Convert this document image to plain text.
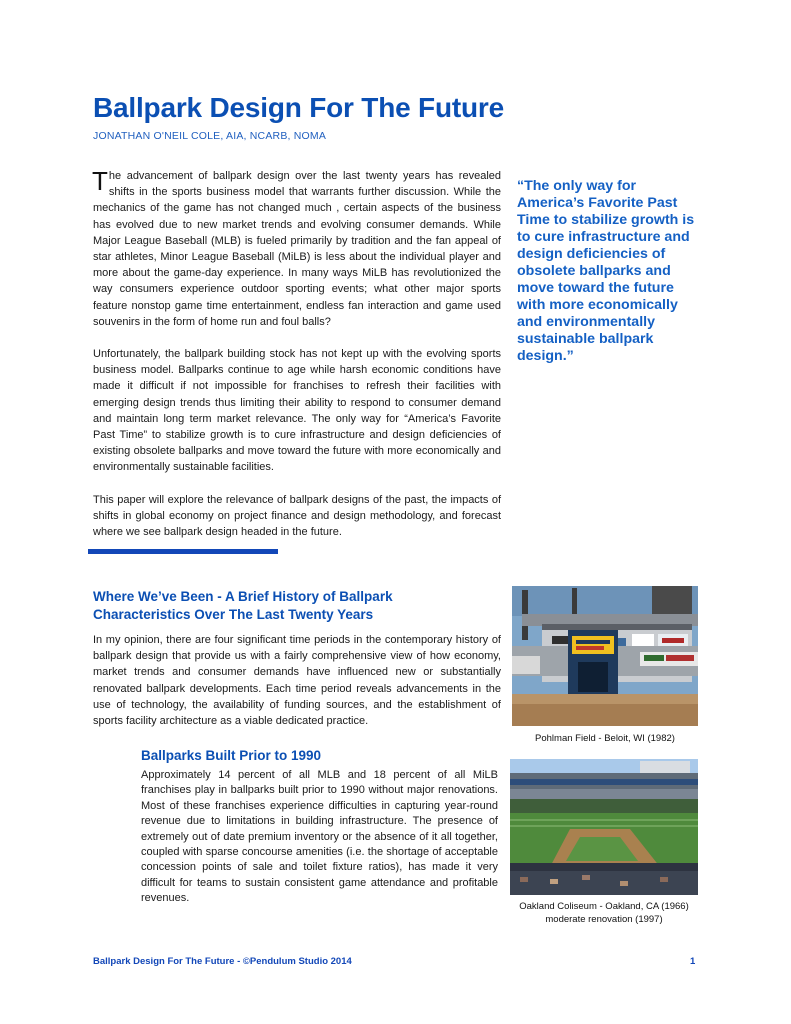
Ballpark Design For The Future
JONATHAN O'NEIL COLE, AIA, NCARB, NOMA

The advancement of ballpark design over the last twenty years has revealed shifts in the sports business model that warrants further discussion. While the mechanics of the game has not changed much , certain aspects of the business has evolved due to new market trends and evolving consumer demands. While Major League Baseball (MLB) is fueled primarily by tradition and the fan appeal of star athletes, Minor League Baseball (MiLB) is less about the individual player and more about the game-day experience. In many ways MiLB has revolutionized the way consumers experience outdoor sporting events; what other major sports feature nonstop game time entertainment, endless fan interaction and game used souvenirs in the form of home run and foul balls?

Unfortunately, the ballpark building stock has not kept up with the evolving sports business model. Ballparks continue to age while harsh economic conditions have made it difficult if not impossible for franchises to refresh their facilities with emerging design trends thus limiting their ability to respond to consumer demand and maintain long term market relevance. The only way for “America’s Favorite Past Time” to stabilize growth is to cure infrastructure and design deficiencies of existing obsolete ballparks and move toward the future with more economically and environmentally sustainable facilities.

This paper will explore the relevance of ballpark designs of the past, the impacts of shifts in global economy on project finance and design methodology, and forecast where we see ballpark design headed in the future.

“The only way for America’s Favorite Past Time to stabilize growth is to cure infrastructure and design deficiencies of obsolete ballparks and move toward the future with more economically and environmentally sustainable ballpark design.”

Where We’ve Been - A Brief History of Ballpark Characteristics Over The Last Twenty Years

In my opinion, there are four significant time periods in the contemporary history of ballpark design that provide us with a fairly comprehensive view of how economy, market trends and consumer demands have influenced new or substantially renovated ballpark developments. Each time period reveals advancements in the use of technology, the availability of funding sources, and the establishment of sports facility architecture as a viable dedicated practice.

Ballparks Built Prior to 1990

Approximately 14 percent of all MLB and 18 percent of all MiLB franchises play in ballparks built prior to 1990 without major renovations. Most of these franchises experience difficulties in capturing year-round revenue due to limitations in building infrastructure. The presence of extremely out of date premium inventory or the absence of it all together, coupled with sparse concourse amenities (i.e. the shortage of acceptable concession points of sale and toilet fixture ratios), has made it very difficult for teams to sustain consistent game attendance and profitable revenues.

Pohlman Field - Beloit, WI (1982)
Oakland Coliseum - Oakland, CA (1966)
moderate renovation (1997)
Ballpark Design For The Future - ©Pendulum Studio 2014	1
